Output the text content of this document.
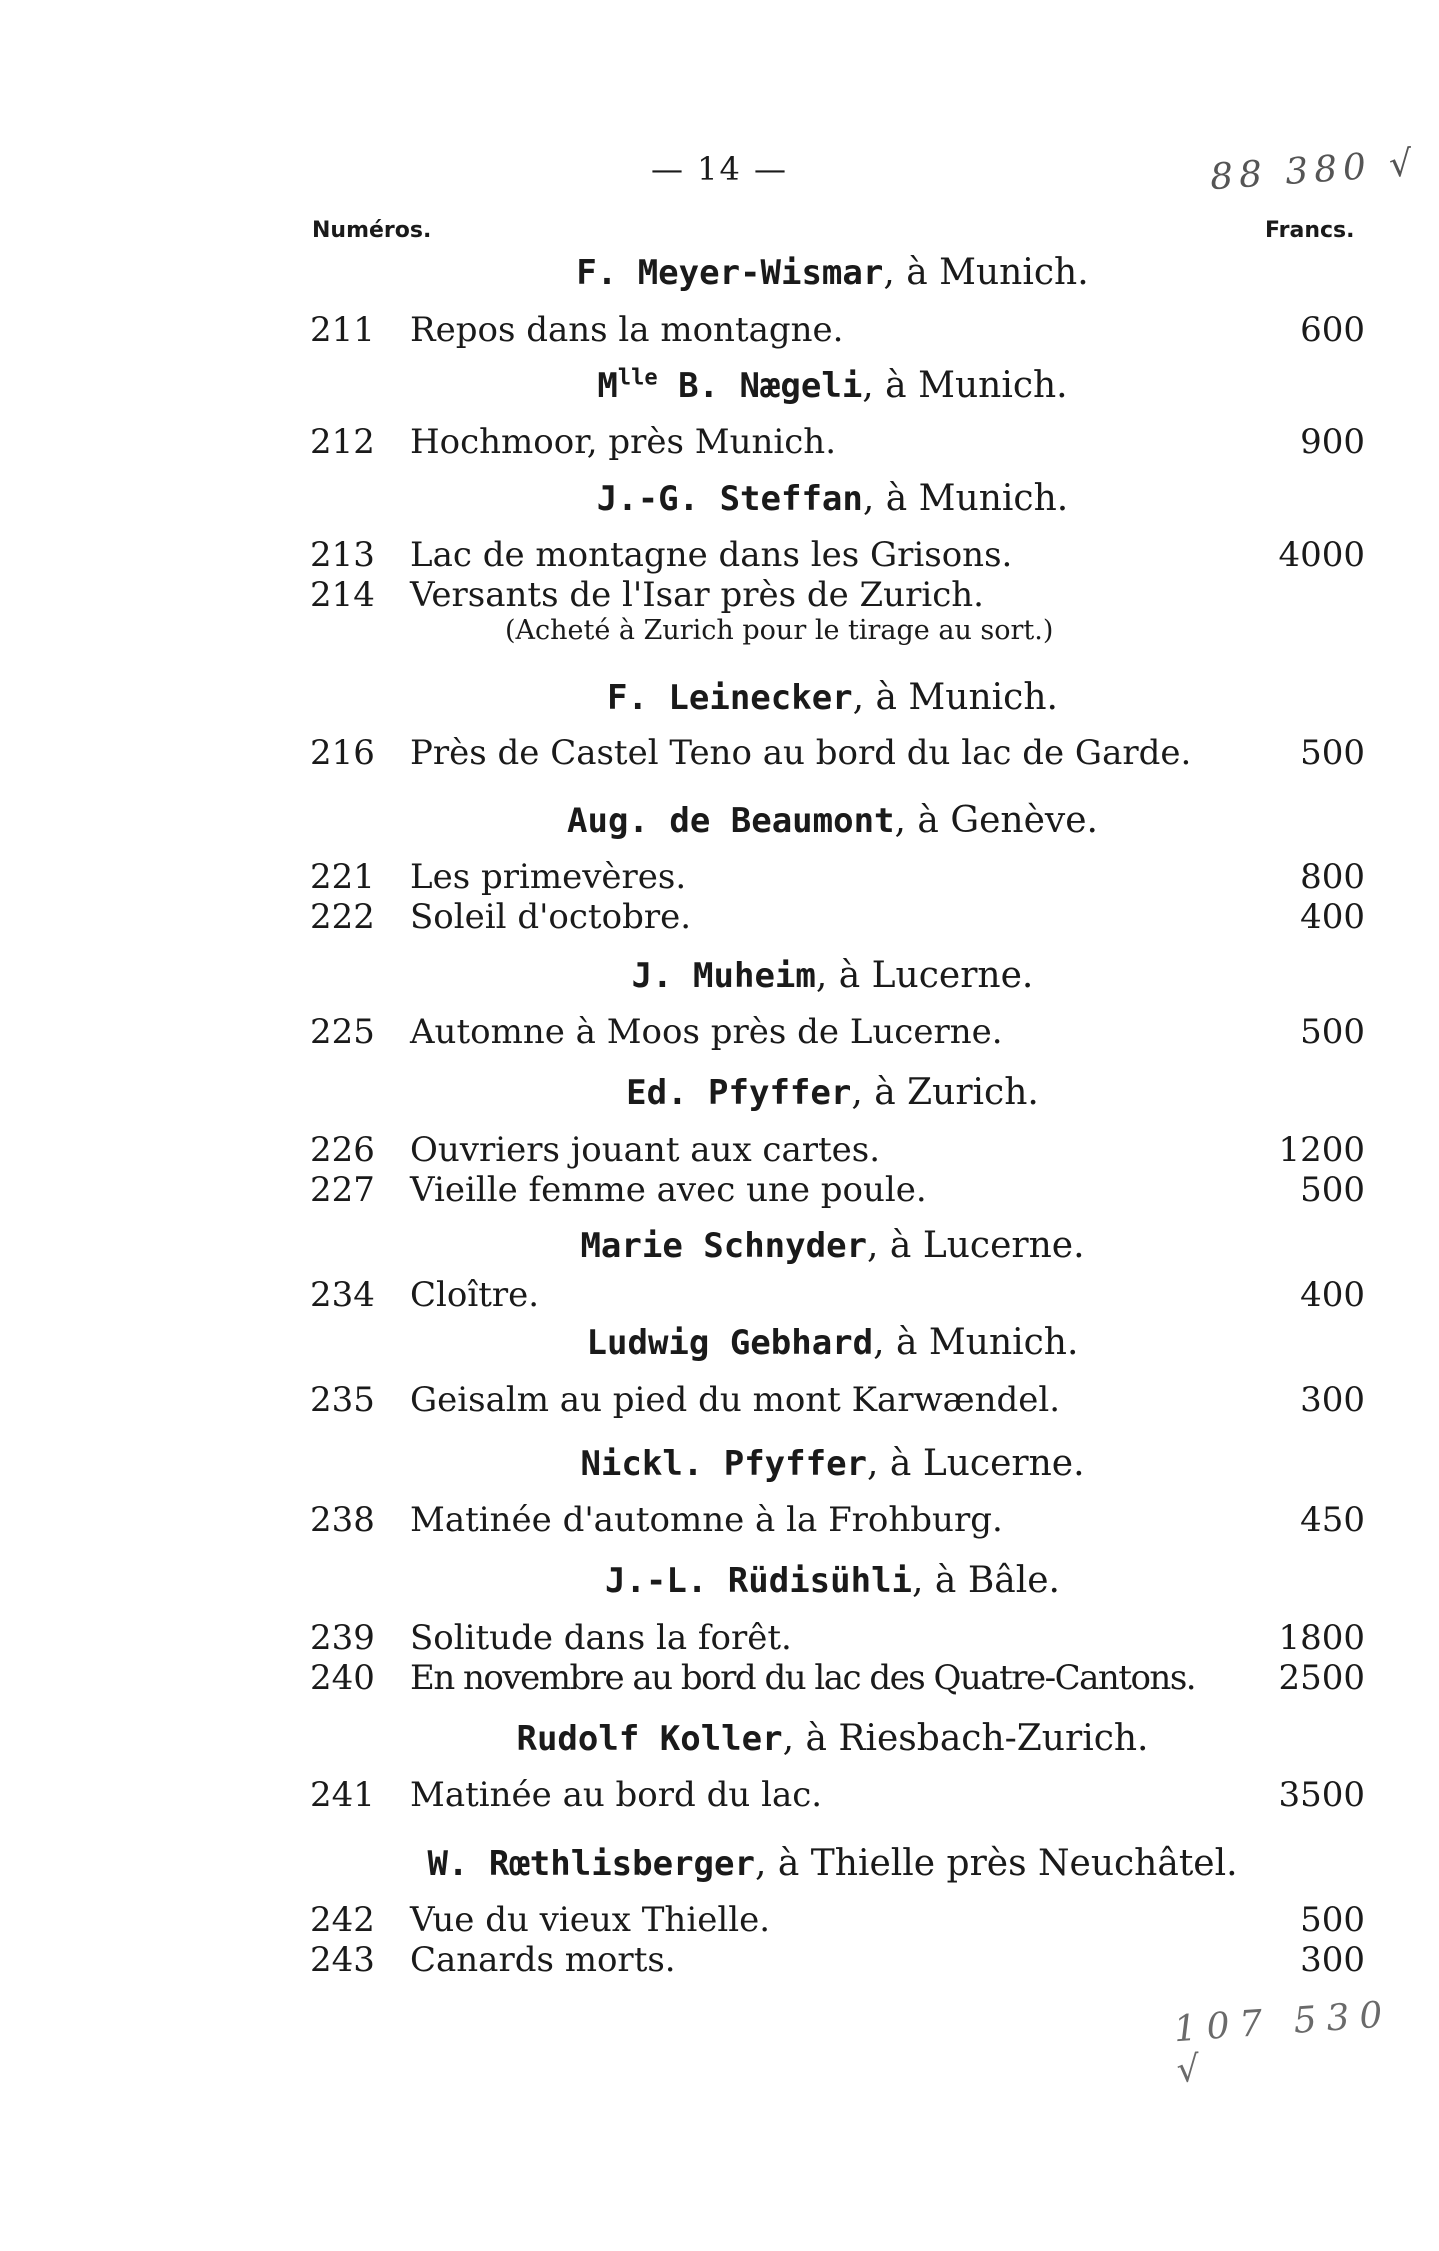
— 14 —	88 380 √
Numéros.	Francs.
F. Meyer-Wismar, à Munich.
211 Repos dans la montagne.	600
$M^{lle}$ B. Nægeli, à Munich.
212 Hochmoor, près Munich.	900
J.-G. Steffan, à Munich.
213 Lac de montagne dans les Grisons.	4000
214 Versants de l'Isar près de Zurich.
(Acheté à Zurich pour le tirage au sort.)
F. Leinecker, à Munich.
216 Près de Castel Teno au bord du lac de Garde.	500
Aug. de Beaumont, à Genève.
221 Les primevères.	800
222 Soleil d'octobre.	400
J. Muheim, à Lucerne.
225 Automne à Moos près de Lucerne.	500
Ed. Pfyffer, à Zurich.
226 Ouvriers jouant aux cartes.	1200
227 Vieille femme avec une poule.	500
Marie Schnyder, à Lucerne.
234 Cloître.	400
Ludwig Gebhard, à Munich.
235 Geisalm au pied du mont Karwændel.	300
Nickl. Pfyffer, à Lucerne.
238 Matinée d'automne à la Frohburg.	450
J.-L. Rüdisühli, à Bâle.
239 Solitude dans la forêt.	1800
240 En novembre au bord du lac des Quatre-Cantons. 2500
Rudolf Koller, à Riesbach-Zurich.
241 Matinée au bord du lac.	3500
W. Rœthlisberger, à Thielle près Neuchâtel.
242 Vue du vieux Thielle.	500
243 Canards morts.	300
107 530 √
